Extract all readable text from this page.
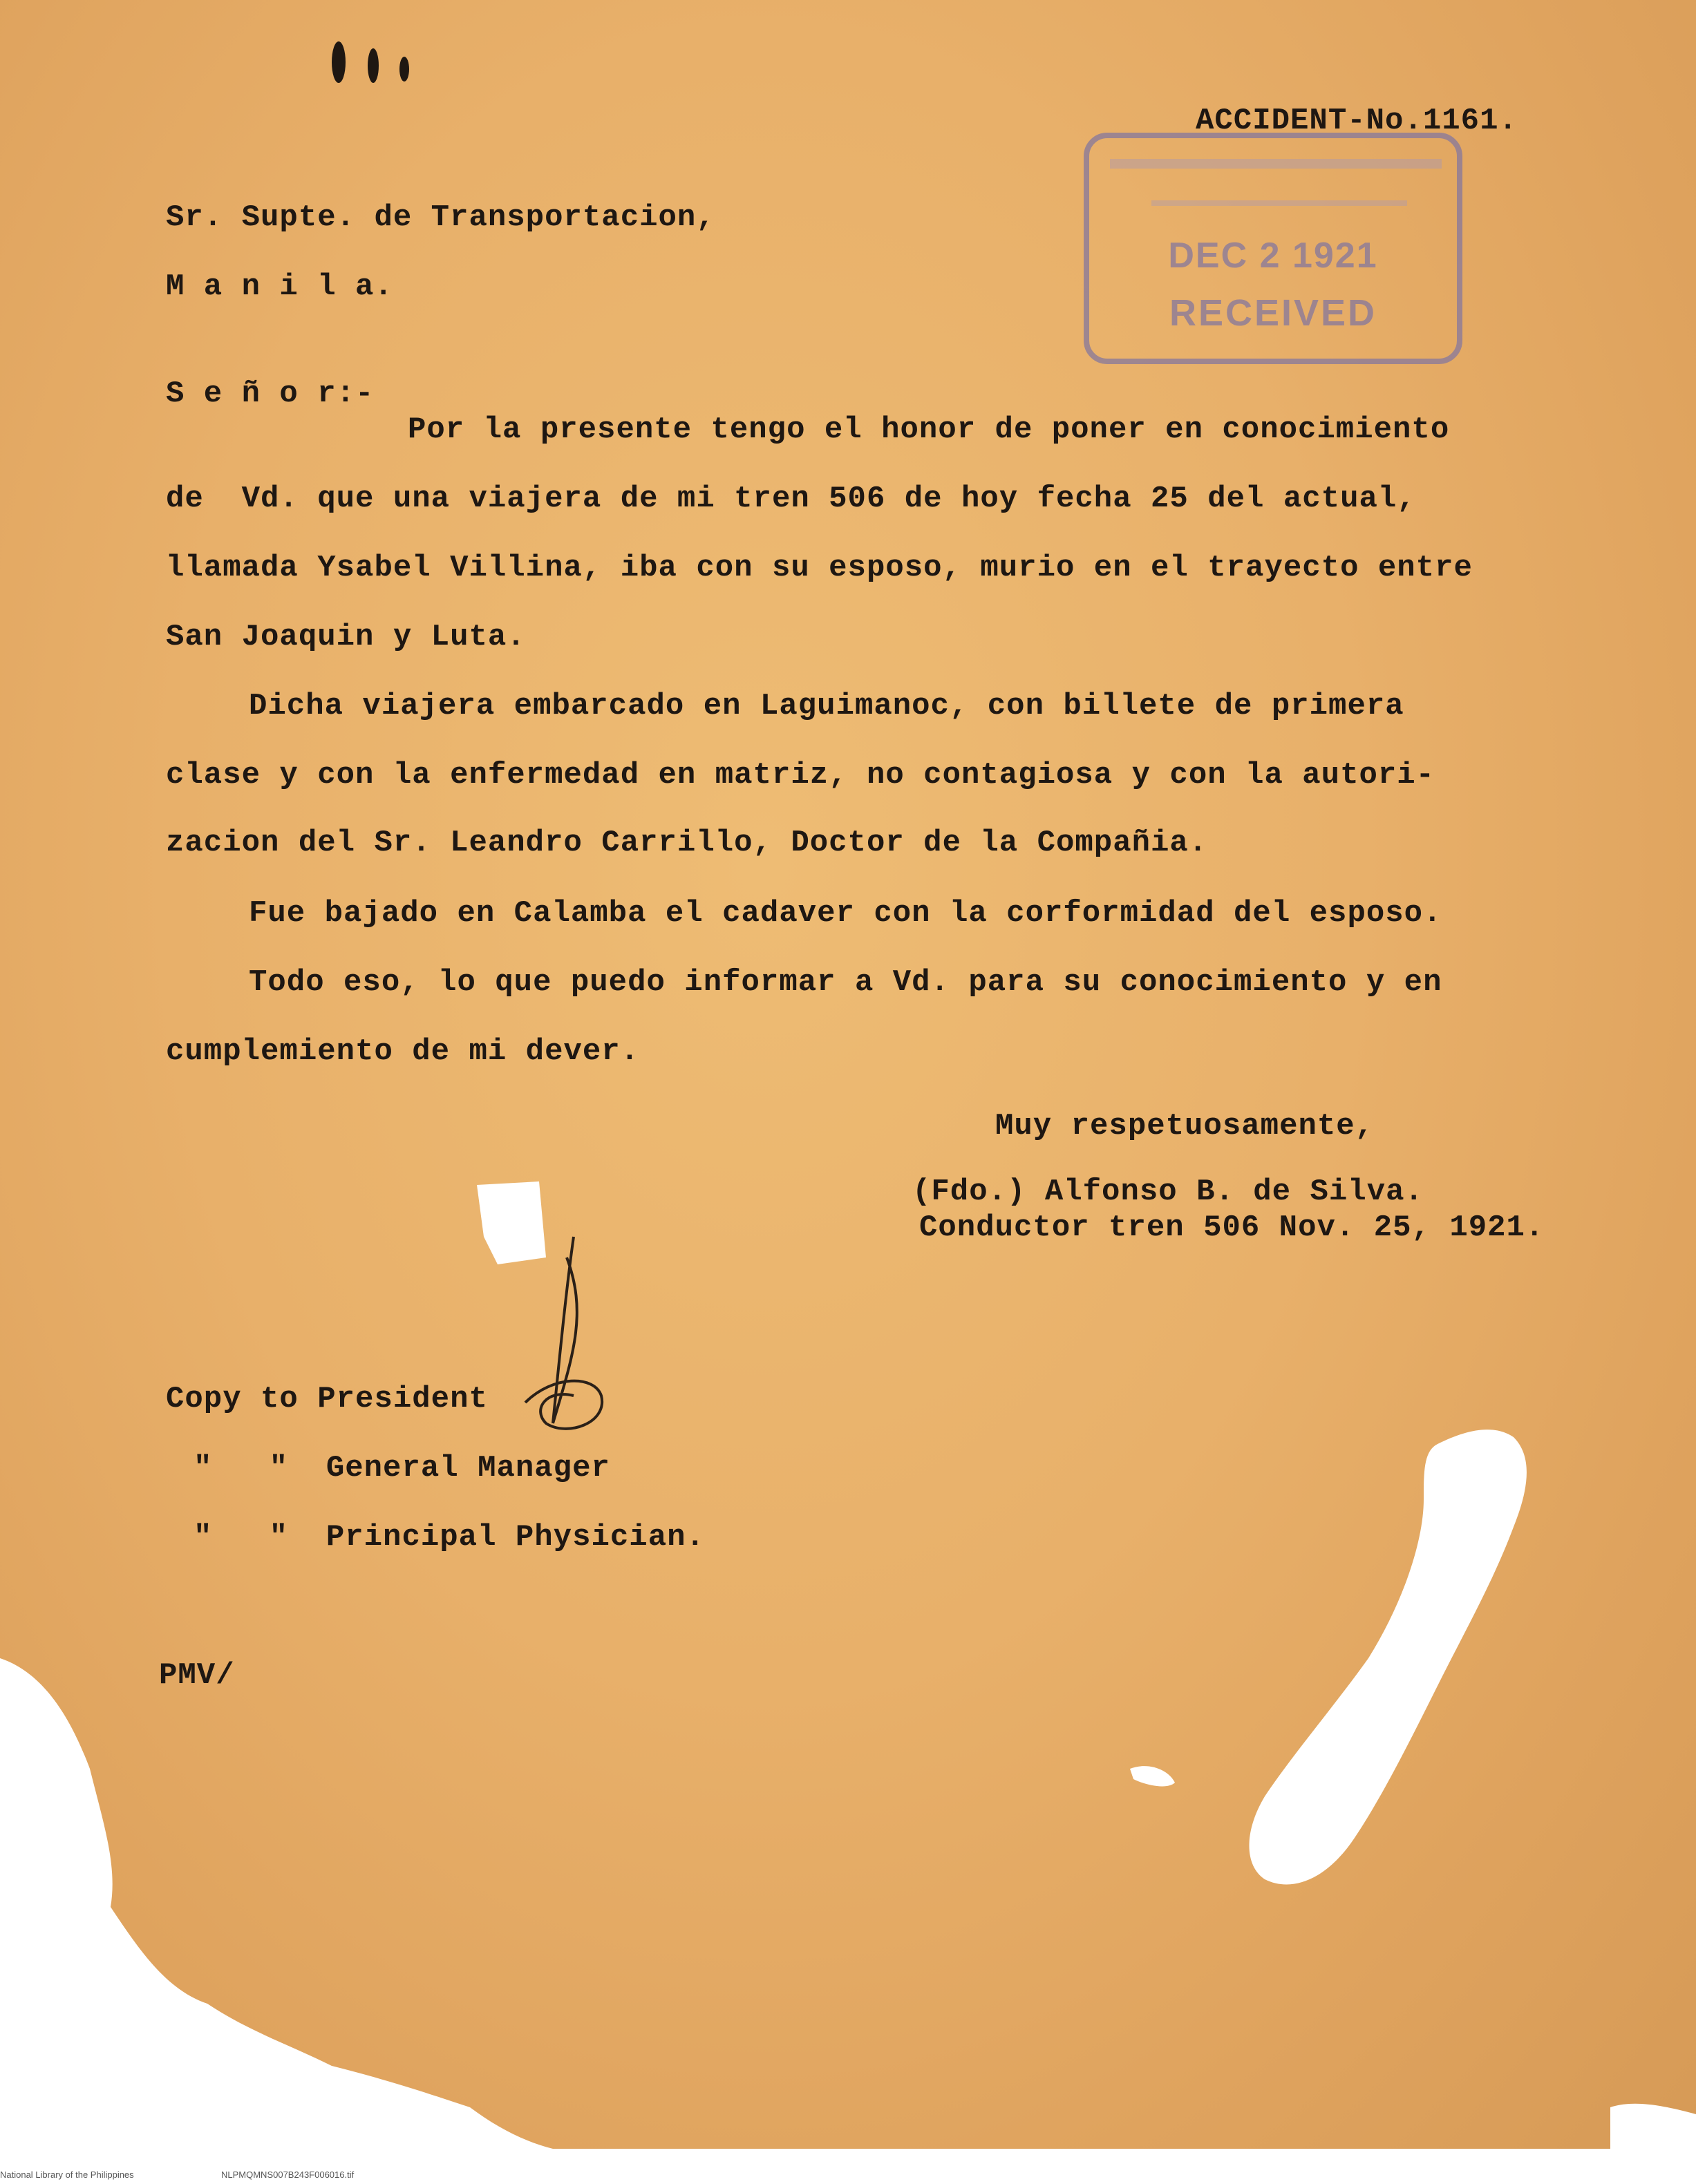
ACCIDENT-No.1161.
DEC 2 1921
RECEIVED
Sr. Supte. de Transportacion,
M a n i l a.
S e ñ o r:-
Por la presente tengo el honor de poner en conocimiento
de  Vd. que una viajera de mi tren 506 de hoy fecha 25 del actual,
llamada Ysabel Villina, iba con su esposo, murio en el trayecto entre
San Joaquin y Luta.
Dicha viajera embarcado en Laguimanoc, con billete de primera
clase y con la enfermedad en matriz, no contagiosa y con la autori-
zacion del Sr. Leandro Carrillo, Doctor de la Compañia.
Fue bajado en Calamba el cadaver con la corformidad del esposo.
Todo eso, lo que puedo informar a Vd. para su conocimiento y en
cumplemiento de mi dever.
Muy respetuosamente,
(Fdo.) Alfonso B. de Silva.
Conductor tren 506 Nov. 25, 1921.
Copy to President
"   "  General Manager
"   "  Principal Physician.
PMV/
National Library of the Philippines	NLPMQMNS007B243F006016.tif
